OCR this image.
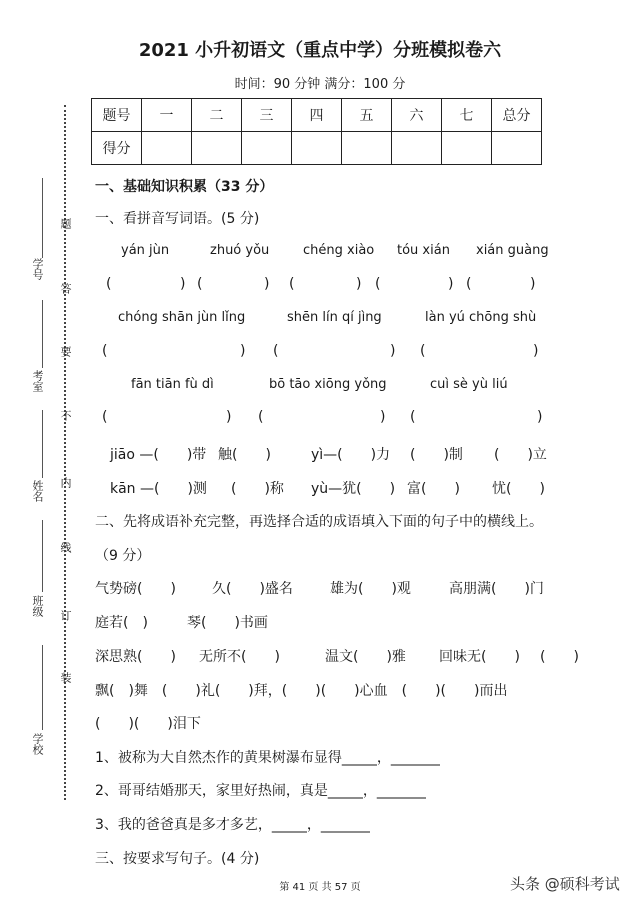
2021 小升初语文（重点中学）分班模拟卷六
时间：90 分钟 满分：100 分
题号	一	二	三	四	五	六	七	总分
得分								
题
答
要
不
内
线
订
装
学号
考室
姓名
班级
学校
一、基础知识积累（33 分）
一、看拼音写词语。(5 分)
yán jùn	zhuó yǒu	chéng xiào tóu xián xián guàng
(	) (	) (	) (	) (	)
chóng shān jùn lǐng	shēn lín qí jìng	làn yú chōng shù
(	) (	) (	)
fān tiān fù dì	bō tāo xiōng yǒng	cuì sè yù liú
(	) (	) (	)
jiāo —(　　)带 触(　　)	yì—(　　)力 (　　)制 (　　)立
kān —(　　)测 (　　)称 yù—犹(　　) 富(　　) 忧(　　)
二、先将成语补充完整，再选择合适的成语填入下面的句子中的横线上。
（9 分）
气势磅(　　)	久(　　)盛名	雄为(　　)观	高朋满(　　)门
庭若(　)	琴(　　)书画
深思熟(　　) 无所不(　　)	温文(　　)雅 回味无(　　) (　　)
飘(　)舞　(　　)礼(　　)拜，(　　)(　　)心血　(　　)(　　)而出
(　　)(　　)泪下
1、被称为大自然杰作的黄果树瀑布显得_____，_______
2、哥哥结婚那天，家里好热闹，真是_____，_______
3、我的爸爸真是多才多艺，_____，_______
三、按要求写句子。(4 分)
第 41 页 共 57 页	头条 @硕科考试
